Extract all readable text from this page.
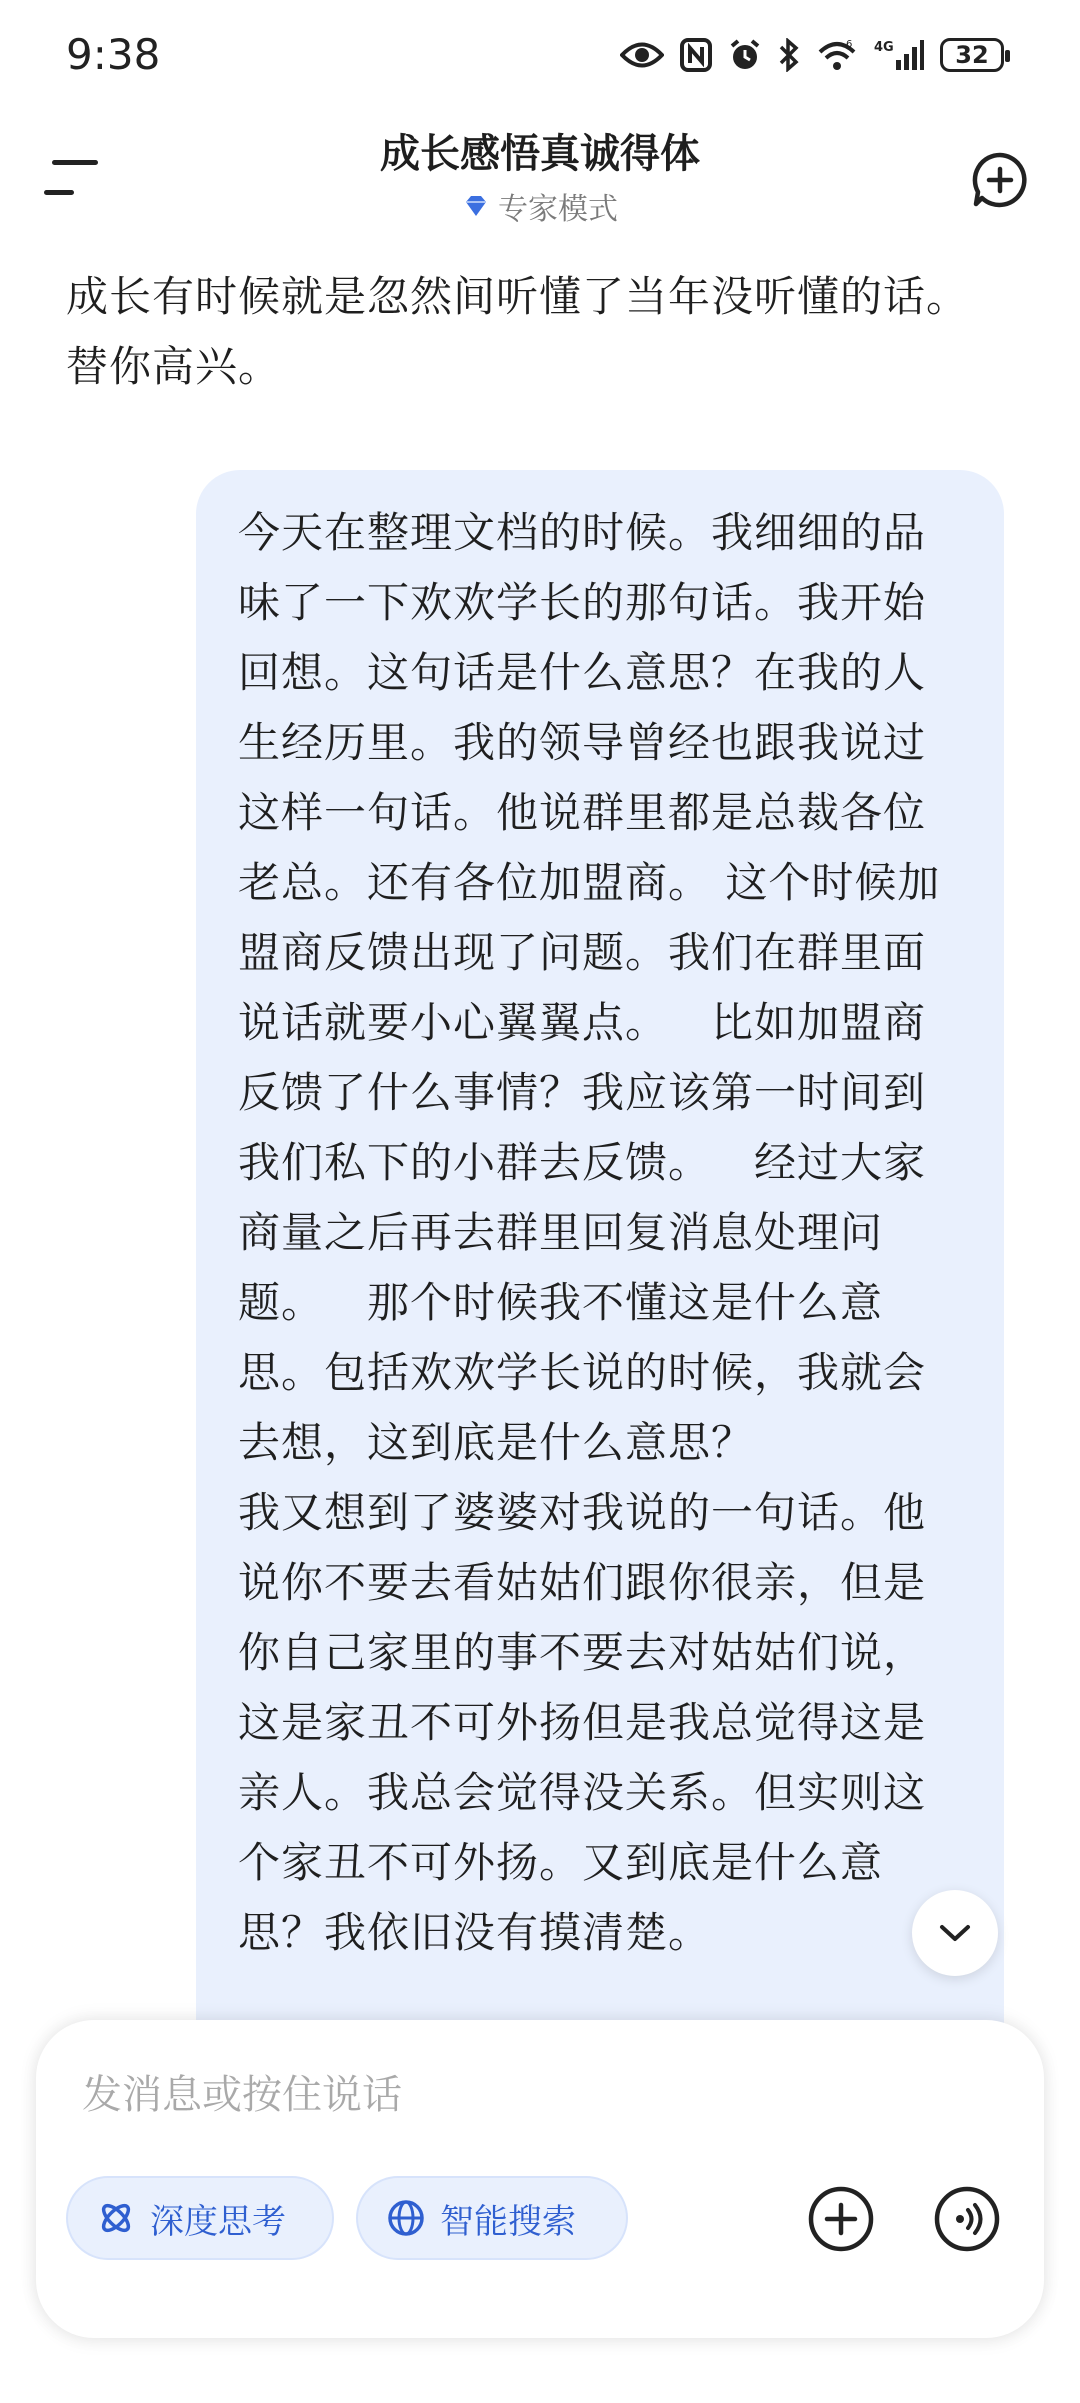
9:38	6 4G	32
成长感悟真诚得体
专家模式
成长有时候就是忽然间听懂了当年没听懂的话。替你高兴。
今天在整理文档的时候。我细细的品味了一下欢欢学长的那句话。我开始回想。这句话是什么意思？在我的人生经历里。我的领导曾经也跟我说过这样一句话。他说群里都是总裁各位老总。还有各位加盟商。 这个时候加盟商反馈出现了问题。我们在群里面说话就要小心翼翼点。   比如加盟商反馈了什么事情？我应该第一时间到我们私下的小群去反馈。   经过大家商量之后再去群里回复消息处理问题。   那个时候我不懂这是什么意思。包括欢欢学长说的时候，我就会去想，这到底是什么意思？
我又想到了婆婆对我说的一句话。他说你不要去看姑姑们跟你很亲，但是你自己家里的事不要去对姑姑们说，这是家丑不可外扬但是我总觉得这是亲人。我总会觉得没关系。但实则这个家丑不可外扬。又到底是什么意思？我依旧没有摸清楚。
发消息或按住说话
深度思考	智能搜索
